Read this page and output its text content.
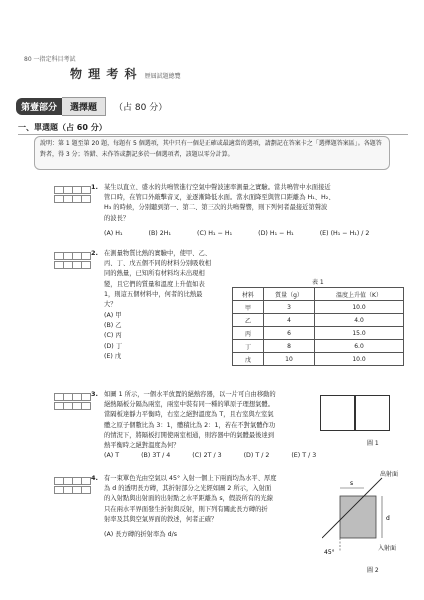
80 一指定科目考試
物 理 考 科 歷屆試題總覽
第壹部分	選擇題	（占 80 分）
一、單選題（占 60 分）
說明：第 1 題至第 20 題，每題有 5 個選項，其中只有一個是正確或最適當的選項，請劃記在答案卡之「選擇題答案區」。各題答對者，得 3 分；答錯、未作答或劃記多於一個選項者，該題以零分計算。
1. 某生以直立、盛水的共鳴管進行空氣中聲波速率測量之實驗。當共鳴管中水面接近
管口時，在管口外敲擊音叉，並逐漸降低水面。當水面降至與管口距離為 H₁、H₂、
H₃ 的時候，分別聽到第一、第二、第三次的共鳴聲響，則下列何者最接近第聲波
的波長？
(A) H₁	(B) 2H₁	(C) H₁ − H₁	(D) H₁ − H₁	(E) (H₁ − H₁) / 2
2. 在測量物質比熱的實驗中，使甲、乙、
丙、丁、戊五個不同的材料分別吸收相
同的熱量，已知所有材料均未出現相
變，且它們的質量和溫度上升值如表
1，則這五個材料中，何者的比熱最
大？
(A) 甲
(B) 乙
(C) 丙
(D) 丁
(E) 戊
表 1
材料	質量（g）	溫度上升值（K）
甲	3	10.0
乙	4	4.0
丙	6	15.0
丁	8	6.0
戊	10	10.0
3. 如圖 1 所示，一個水平放置的絕熱容器，以一片可自由移動的
絕熱隔板分隔為兩室，兩室中裝有同一種的單原子理想氣體。
當隔板達靜力平衡時，右室之絕對溫度為 T，且右室與左室氣
體之原子個數比為 3：1，體積比為 2：1，若在不對氣體作功
的情況下，將隔板打開使兩室相通，則容器中的氣體最後達到
熱平衡時之絕對溫度為何？
(A) T	(B) 3T / 4	(C) 2T / 3	(D) T / 2	(E) T / 3
圖 1
4. 有一束單色光由空氣以 45° 入射一個上下兩面均為水平、厚度
為 d 的透明長方磚，其折射部分之光經如圖 2 所示，入射面
的入射點與出射面的出射點之水平距離為 s，假設所有的光線
只在兩水平界面發生折射與反射，則下列有關此長方磚的折
射率及其與空氣界面的敘述，何者正確？
(A) 長方磚的折射率為 d/s
d
s
出射面
入射面
45°
圖 2
